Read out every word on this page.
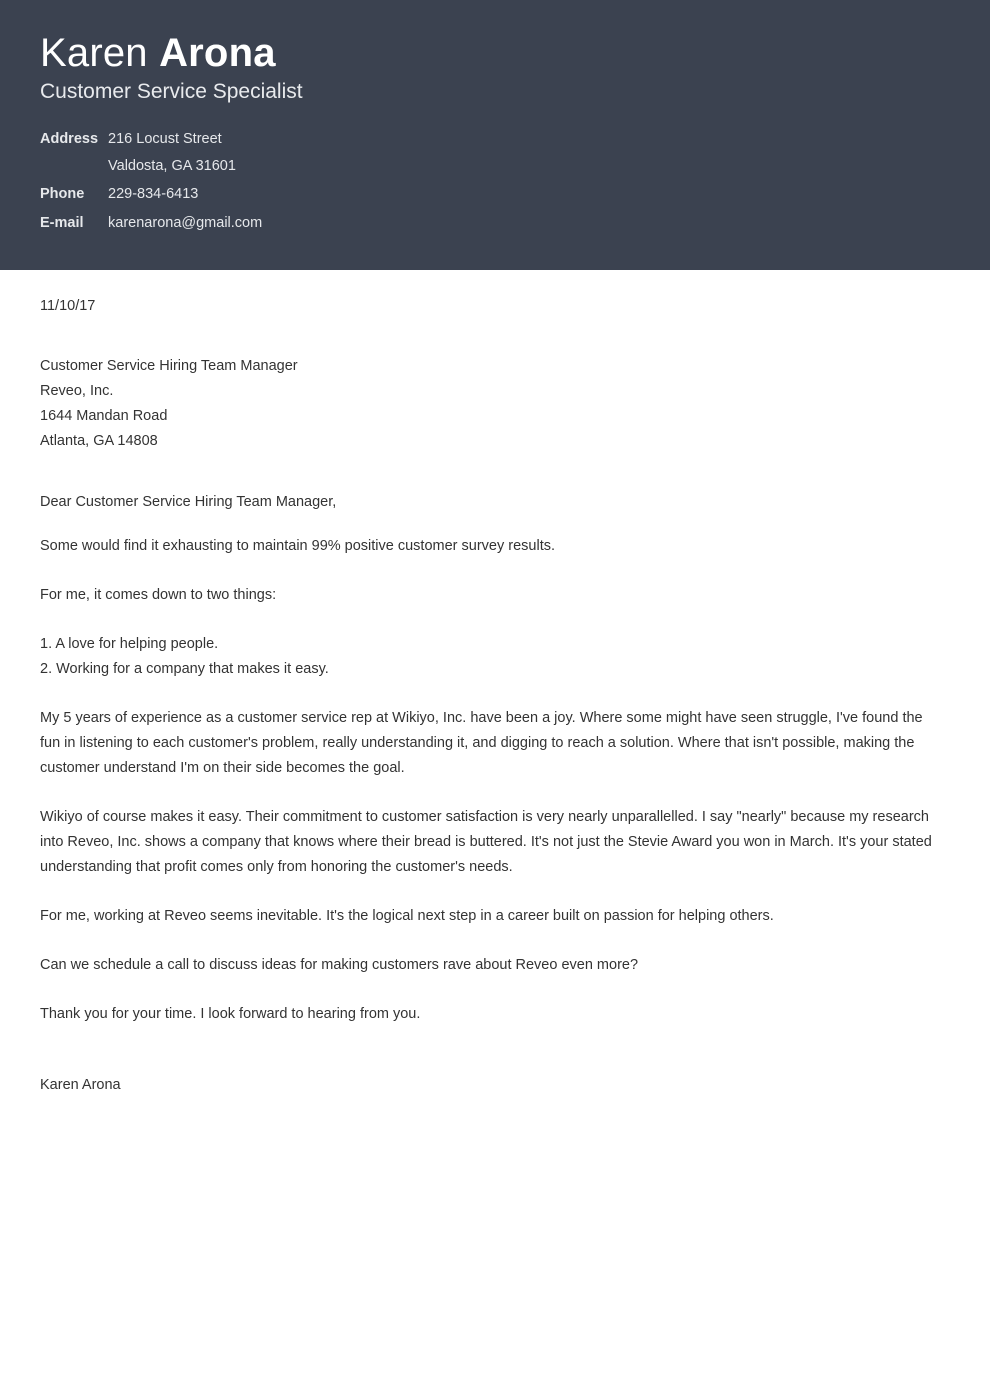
Karen Arona
Customer Service Specialist
Address	216 Locust Street
Valdosta, GA 31601

Phone	229-834-6413
E-mail	karenarona@gmail.com
11/10/17
Customer Service Hiring Team Manager
Reveo, Inc.
1644 Mandan Road
Atlanta, GA 14808
Dear Customer Service Hiring Team Manager,

Some would find it exhausting to maintain 99% positive customer survey results.

For me, it comes down to two things:

1. A love for helping people.
2. Working for a company that makes it easy.

My 5 years of experience as a customer service rep at Wikiyo, Inc. have been a joy. Where some might have seen struggle, I've found the fun in listening to each customer's problem, really understanding it, and digging to reach a solution. Where that isn't possible, making the customer understand I'm on their side becomes the goal.

Wikiyo of course makes it easy. Their commitment to customer satisfaction is very nearly unparallelled. I say "nearly" because my research into Reveo, Inc. shows a company that knows where their bread is buttered. It's not just the Stevie Award you won in March. It's your stated understanding that profit comes only from honoring the customer's needs.

For me, working at Reveo seems inevitable. It's the logical next step in a career built on passion for helping others.

Can we schedule a call to discuss ideas for making customers rave about Reveo even more?

Thank you for your time. I look forward to hearing from you.

Karen Arona
